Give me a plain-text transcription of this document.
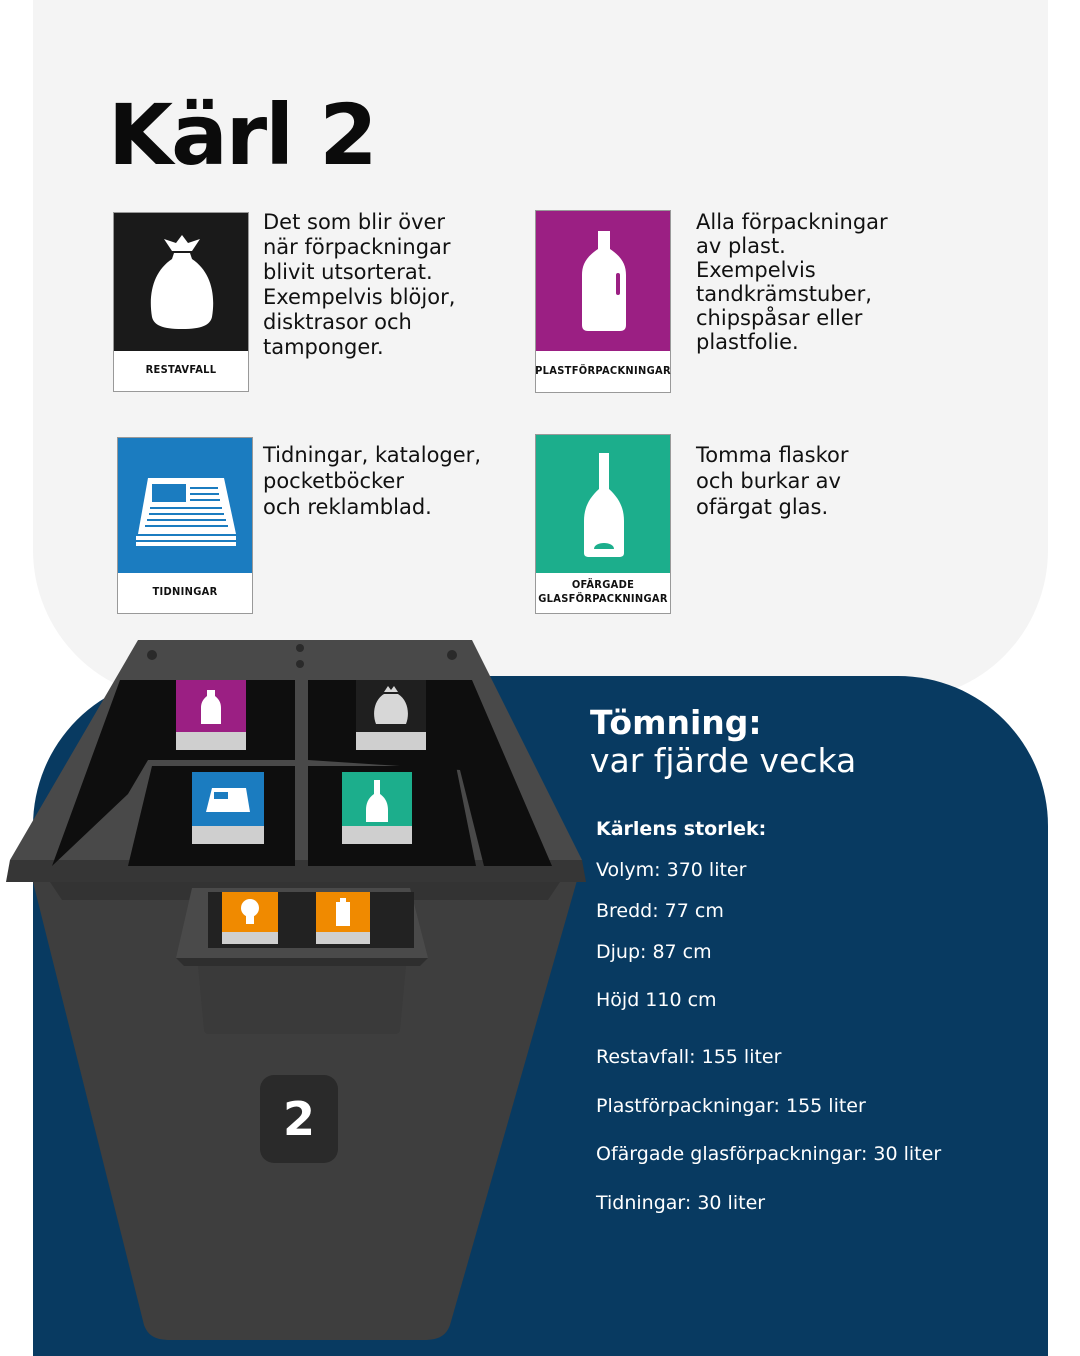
Kärl 2
RESTAVFALL

Det som blir över
när förpackningar
blivit utsorterat.
Exempelvis blöjor,
disktrasor och
tamponger.

PLASTFÖRPACKNINGAR

Alla förpackningar
av plast.
Exempelvis
tandkrämstuber,
chipspåsar eller
plastfolie.

TIDNINGAR

Tidningar, kataloger,
pocketböcker
och reklamblad.

OFÄRGADE
GLASFÖRPACKNINGAR

Tomma flaskor
och burkar av
ofärgat glas.

2

Tömning:
var fjärde vecka

Kärlens storlek:

Volym: 370 liter

Bredd: 77 cm

Djup: 87 cm

Höjd 110 cm

Restavfall: 155 liter

Plastförpackningar: 155 liter

Ofärgade glasförpackningar: 30 liter

Tidningar: 30 liter
